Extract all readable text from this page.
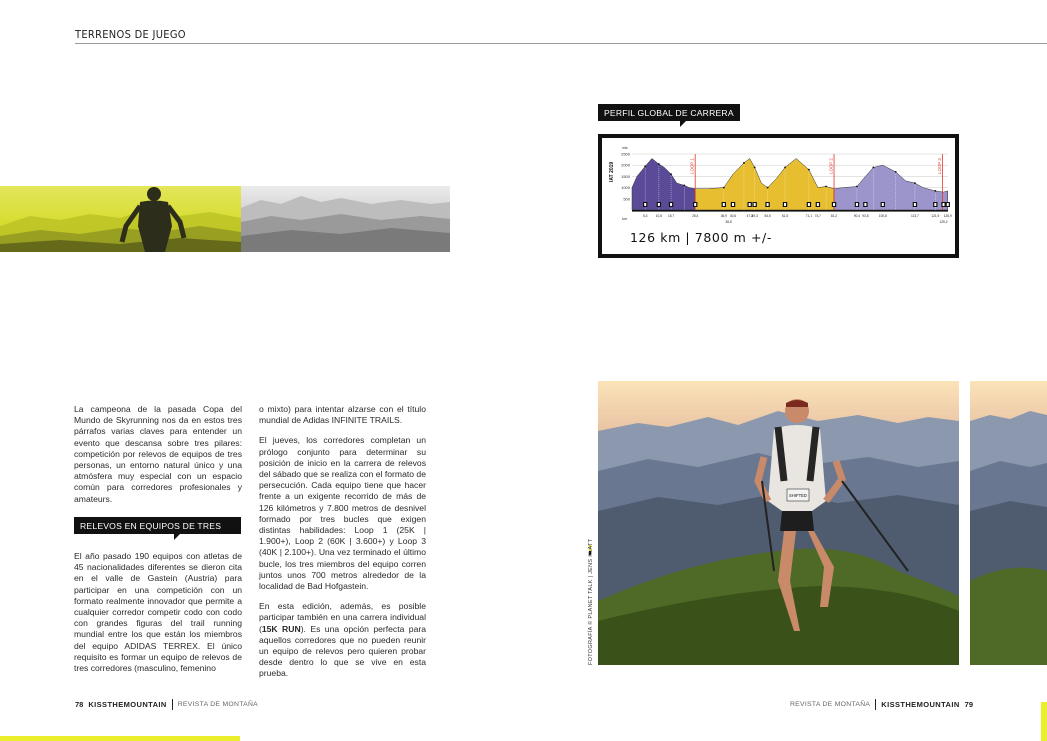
TERRENOS DE JUEGO

La campeona de la pasada Copa del Mundo de Skyrunning nos da en estos tres párrafos varias claves para entender un evento que descansa sobre tres pilares: competición por relevos de equipos de tres personas, un entorno natural único y una atmósfera muy especial con un espacio común para corredores profesionales y amateurs.

RELEVOS EN EQUIPOS DE TRES

El año pasado 190 equipos con atletas de 45 nacionalidades diferentes se dieron cita en el valle de Gastein (Austria) para participar en una competición con un formato realmente innovador que permite a cualquier corredor competir codo con codo con grandes figuras del trail running mundial entre los que están los miembros del equipo ADIDAS TERREX. El único requisito es formar un equipo de relevos de tres corredores (masculino, femenino

o mixto) para intentar alzarse con el título mundial de Adidas INFINITE TRAILS.

El jueves, los corredores completan un prólogo conjunto para determinar su posición de inicio en la carrera de relevos del sábado que se realiza con el formato de persecución. Cada equipo tiene que hacer frente a un exigente recorrido de más de 126 kilómetros y 7.800 metros de desnivel formado por tres bucles que exigen distintas habilidades: Loop 1 (25K | 1.900+), Loop 2 (60K | 3.600+) y Loop 3 (40K | 2.100+). Una vez terminado el último bucle, los tres miembros del equipo corren juntos unos 700 metros alrededor de la localidad de Bad Hofgastein.

En esta edición, además, es posible participar también en una carrera individual (15K RUN). Es una opción perfecta para aquellos corredores que no pueden reunir un equipo de relevos pero quieren probar desde dentro lo que se vive en esta prueba.

PERFIL GLOBAL DE CARRERA
LOOP 1	LOOP 2	LOOP 3
500
1000
1500
2000
2500
5,3	10,8 15,7	25,4	36,9
38,8
40,6	47,3
49,3 54,5	61,5	71,1 74,7	81,2	90,4 93,8	100,8	113,7	121,9
125,2
126,9
IAT 2019
mts
km
126 km | 7800 m +/-
SHIFTED
FOTOGRAFÍA © PLANET TALK | JENS KLATT
78 KISSTHEMOUNTAIN REVISTA DE MONTAÑA	REVISTA DE MONTAÑA KISSTHEMOUNTAIN 79
